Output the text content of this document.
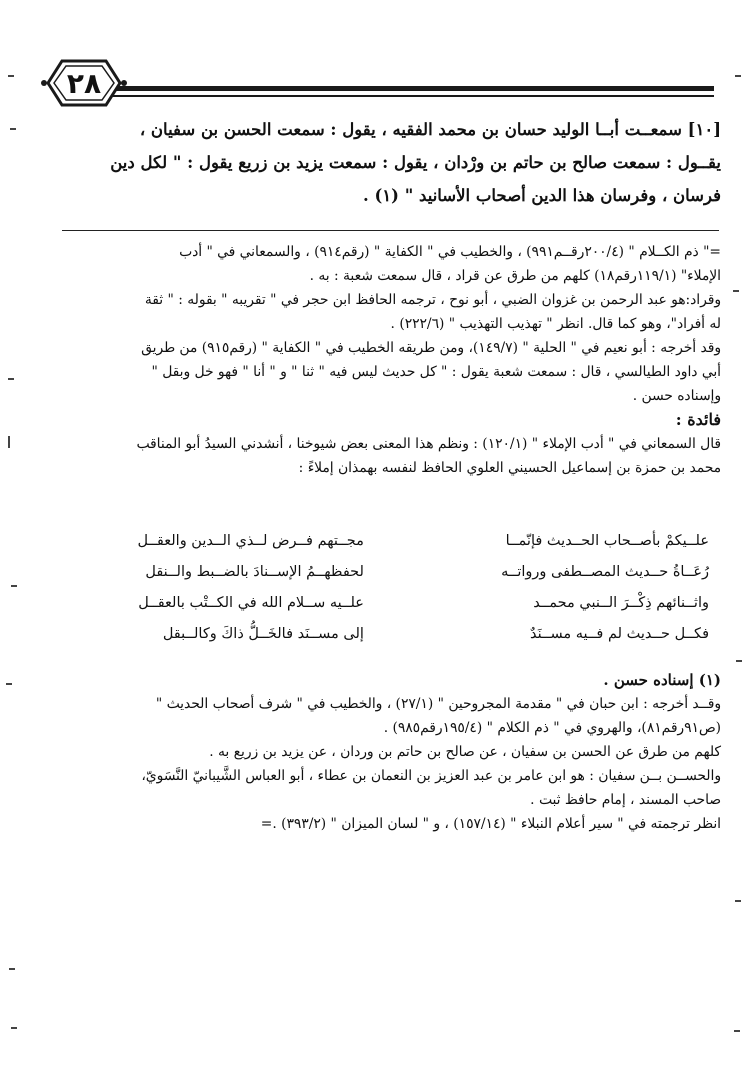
٢٨

[١٠] سمعــت أبــا الوليد حسان بن محمد الفقيه ، يقول : سمعت الحسن بن سفيان ،

يقــول : سمعت صالح بن حاتم بن ورْدان ، يقول : سمعت يزيد بن زريع يقول : " لكل دين

فرسان ، وفرسان هذا الدين أصحاب الأسانيد " (١) .

=" ذم الكــلام " (٢٠٠/٤رقــم٩٩١) ، والخطيب في " الكفاية " (رقم٩١٤) ، والسمعاني في " أدب

الإملاء" (١١٩/١رقم١٨) كلهم من طرق عن قراد ، قال سمعت شعبة : به .

وقراد:هو عبد الرحمن بن غزوان الضبي ، أبو نوح ، ترجمه الحافظ ابن حجر في " تقريبه " بقوله : " ثقة

له أفراد"، وهو كما قال. انظر " تهذيب التهذيب " (٢٢٢/٦) .

وقد أخرجه : أبو نعيم في " الحلية " (١٤٩/٧)، ومن طريقه الخطيب في " الكفاية " (رقم٩١٥) من طريق

أبي داود الطيالسي ، قال : سمعت شعبة يقول : " كل حديث ليس فيه " ثنا " و " أنا " فهو خل وبقل "

وإسناده حسن .

فائدة :

قال السمعاني في " أدب الإملاء " (١٢٠/١) : ونظم هذا المعنى بعض شيوخنا ، أنشدني السيدُ أبو المناقب

محمد بن حمزة بن إسماعيل الحسيني العلوي الحافظ لنفسه بهمذان إملاءً :

علــيكمْ بأصــحاب الحــديث فإنّمــا
مجــتهم فــرض لــذي الــدين والعقــل
رُعَــاةُ حــديث المصــطفى ورواتــه
لحفظهــمُ الإســنادَ بالضــبط والــنقل
واثــنائهم ذِكْــرَ الــنبي محمــد
علــيه ســلام الله في الكــتْب بالعقــل
فكــل حــديث لم فــيه مســنَدٌ
إلى مســنَد فالخَــلُّ ذاكَ وكالــبقل

(١) إسناده حسن .

وقــد أخرجه : ابن حبان في " مقدمة المجروحين " (٢٧/١) ، والخطيب في " شرف أصحاب الحديث "

(ص٩١رقم٨١)، والهروي في " ذم الكلام " (١٩٥/٤رقم٩٨٥) .

كلهم من طرق عن الحسن بن سفيان ، عن صالح بن حاتم بن وردان ، عن يزيد بن زريع به .

والحســن بــن سفيان : هو ابن عامر بن عبد العزيز بن النعمان بن عطاء ، أبو العباس الشَّيبانيّ النَّسَويّ،

صاحب المسند ، إمام حافظ ثبت .

انظر ترجمته في " سير أعلام النبلاء " (١٥٧/١٤) ، و " لسان الميزان " (٣٩٣/٢) .=
